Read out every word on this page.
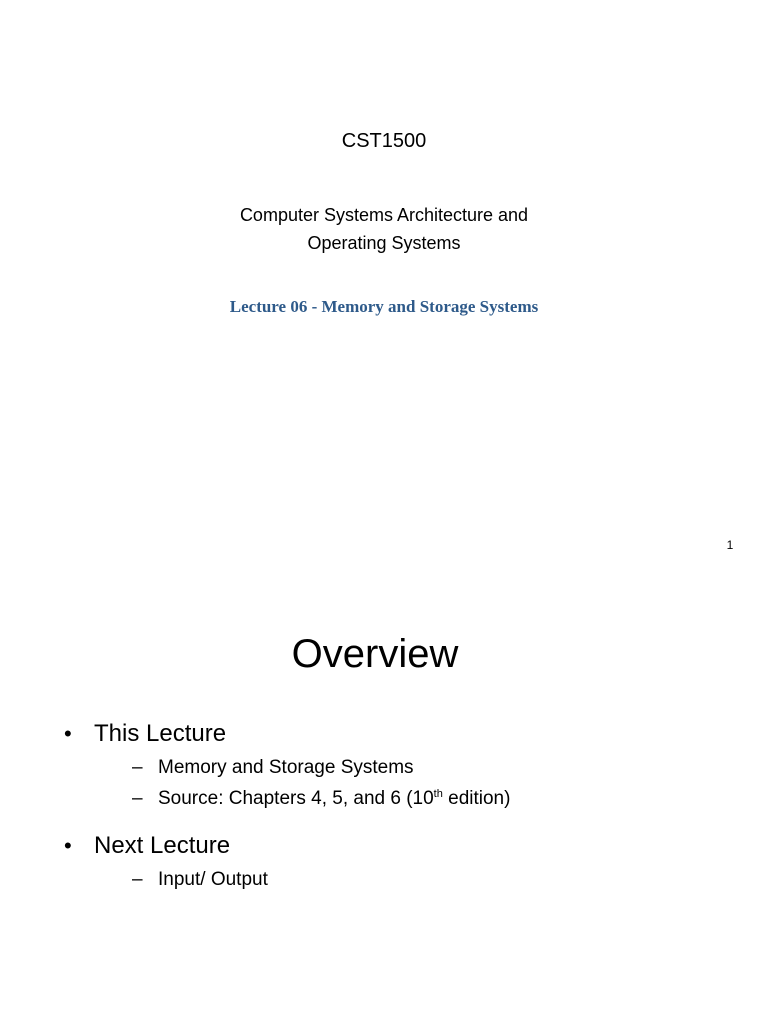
CST1500
Computer Systems Architecture and
Operating Systems
Lecture 06 - Memory and Storage Systems
1
Overview
• This Lecture
– Memory and Storage Systems
– Source: Chapters 4, 5, and 6 (10th edition)
• Next Lecture
– Input/ Output
